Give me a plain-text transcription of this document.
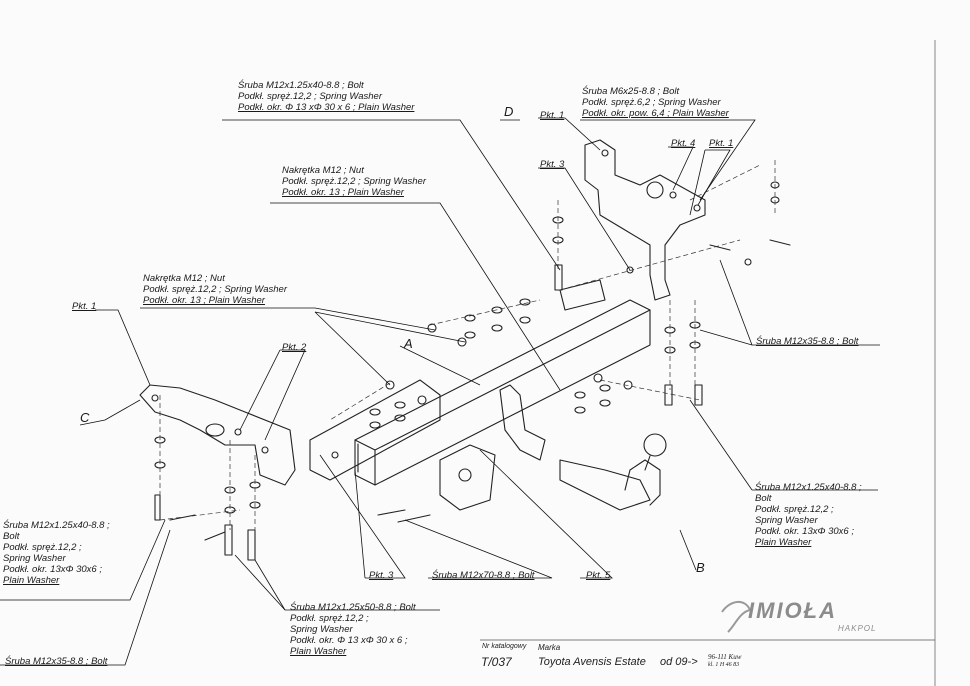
Śruba M12x1.25x40-8.8 ; Bolt
Podkł. spręż.12,2 ; Spring Washer
Podkł. okr. Φ 13 xΦ 30 x 6 ; Plain Washer
Śruba M6x25-8.8 ; Bolt
Podkł. spręż.6,2 ; Spring Washer
Podkł. okr. pow. 6,4 ; Plain Washer
Nakrętka M12 ; Nut
Podkł. spręż.12,2 ; Spring Washer
Podkł. okr. 13 ; Plain Washer
Nakrętka M12 ; Nut
Podkł. spręż.12,2 ; Spring Washer
Podkł. okr. 13 ; Plain Washer
Śruba M12x35-8.8 ; Bolt
Śruba M12x1.25x40-8.8 ;
Bolt
Podkł. spręż.12,2 ;
Spring Washer
Podkł. okr. 13xΦ 30x6 ;
Plain Washer
Śruba M12x1.25x40-8.8 ;
Bolt
Podkł. spręż.12,2 ;
Spring Washer
Podkł. okr. 13xΦ 30x6 ;
Plain Washer
Śruba M12x1.25x50-8.8 ; Bolt
Podkł. spręż.12,2 ;
Spring Washer
Podkł. okr. Φ 13 xΦ 30 x 6 ;
Plain Washer
Śruba M12x35-8.8 ; Bolt
Śruba M12x70-8.8 ; Bolt
Pkt. 1
Pkt. 1
Pkt. 1
Pkt. 2
Pkt. 3
Pkt. 3
Pkt. 4
Pkt. 5
A
B
C
D
IMIOŁA
HAKPOL
Nr katalogowy Marka
T/037 Toyota Avensis Estate od 09-> 96-111 Kuw
kl. 1 H 46 83
